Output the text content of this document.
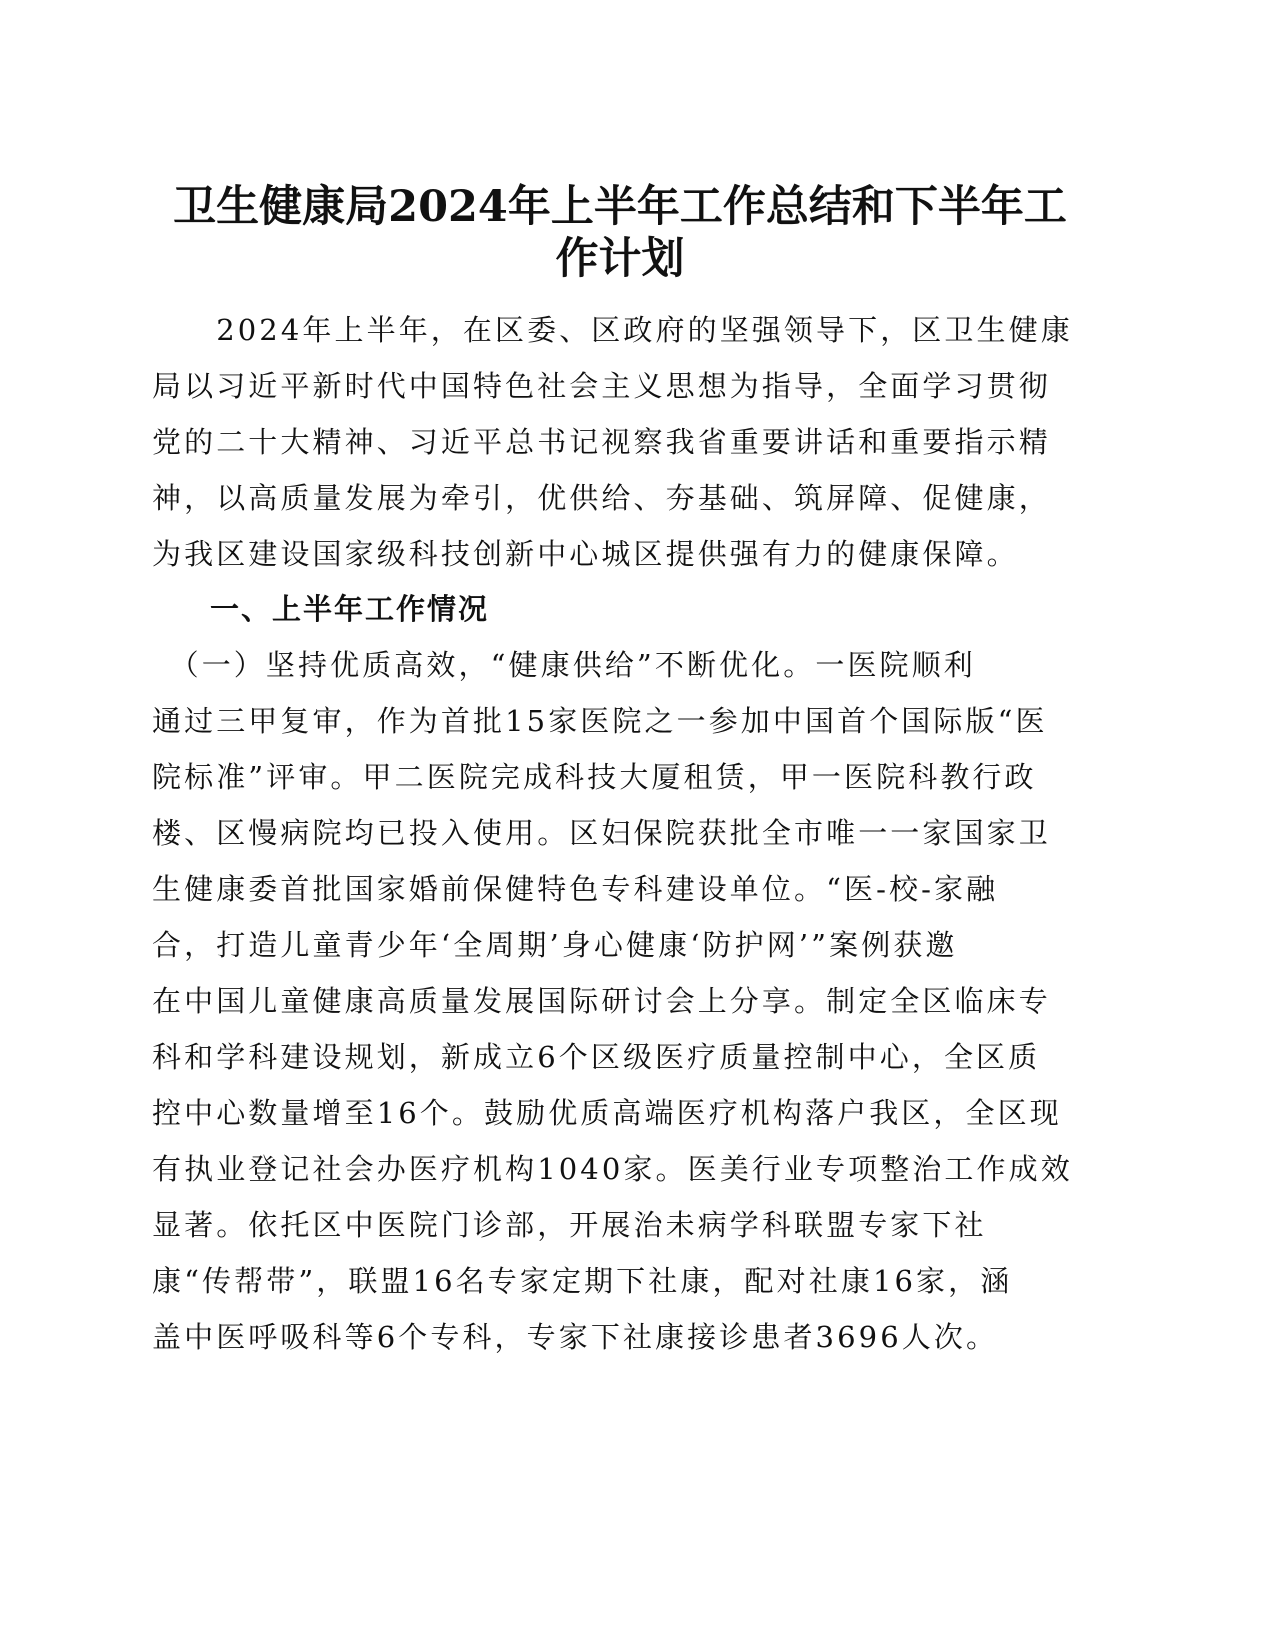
卫生健康局2024年上半年工作总结和下半年工
作计划
　　2024年上半年，在区委、区政府的坚强领导下，区卫生健康
局以习近平新时代中国特色社会主义思想为指导，全面学习贯彻
党的二十大精神、习近平总书记视察我省重要讲话和重要指示精
神，以高质量发展为牵引，优供给、夯基础、筑屏障、促健康，
为我区建设国家级科技创新中心城区提供强有力的健康保障。
一、上半年工作情况
　（一）坚持优质高效，“健康供给”不断优化。一医院顺利
通过三甲复审，作为首批15家医院之一参加中国首个国际版“医
院标准”评审。甲二医院完成科技大厦租赁，甲一医院科教行政
楼、区慢病院均已投入使用。区妇保院获批全市唯一一家国家卫
生健康委首批国家婚前保健特色专科建设单位。“医-校-家融
合，打造儿童青少年‘全周期’身心健康‘防护网’”案例获邀
在中国儿童健康高质量发展国际研讨会上分享。制定全区临床专
科和学科建设规划，新成立6个区级医疗质量控制中心，全区质
控中心数量增至16个。鼓励优质高端医疗机构落户我区，全区现
有执业登记社会办医疗机构1040家。医美行业专项整治工作成效
显著。依托区中医院门诊部，开展治未病学科联盟专家下社
康“传帮带”，联盟16名专家定期下社康，配对社康16家，涵
盖中医呼吸科等6个专科，专家下社康接诊患者3696人次。
